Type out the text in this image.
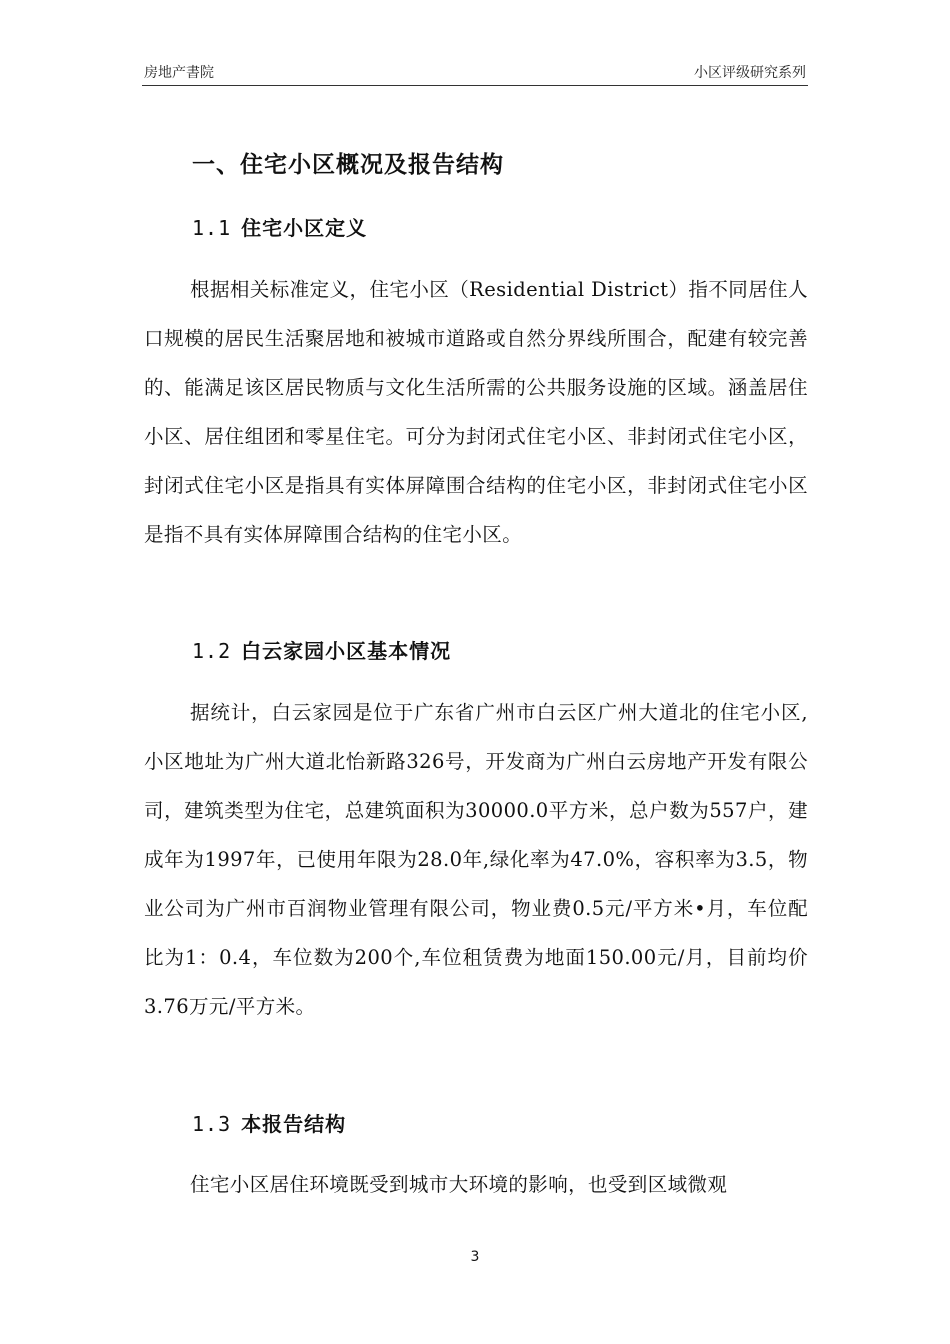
房地产書院	小区评级研究系列
一、住宅小区概况及报告结构
1.1 住宅小区定义

根据相关标准定义，住宅小区（Residential District）指不同居住人口规模的居民生活聚居地和被城市道路或自然分界线所围合，配建有较完善的、能满足该区居民物质与文化生活所需的公共服务设施的区域。涵盖居住小区、居住组团和零星住宅。可分为封闭式住宅小区、非封闭式住宅小区，封闭式住宅小区是指具有实体屏障围合结构的住宅小区，非封闭式住宅小区是指不具有实体屏障围合结构的住宅小区。

1.2 白云家园小区基本情况

据统计，白云家园是位于广东省广州市白云区广州大道北的住宅小区,小区地址为广州大道北怡新路326号，开发商为广州白云房地产开发有限公司，建筑类型为住宅，总建筑面积为30000.0平方米，总户数为557户，建成年为1997年，已使用年限为28.0年,绿化率为47.0%，容积率为3.5，物业公司为广州市百润物业管理有限公司，物业费0.5元/平方米•月，车位配比为1：0.4，车位数为200个,车位租赁费为地面150.00元/月，目前均价3.76万元/平方米。

1.3 本报告结构

住宅小区居住环境既受到城市大环境的影响，也受到区域微观

3
